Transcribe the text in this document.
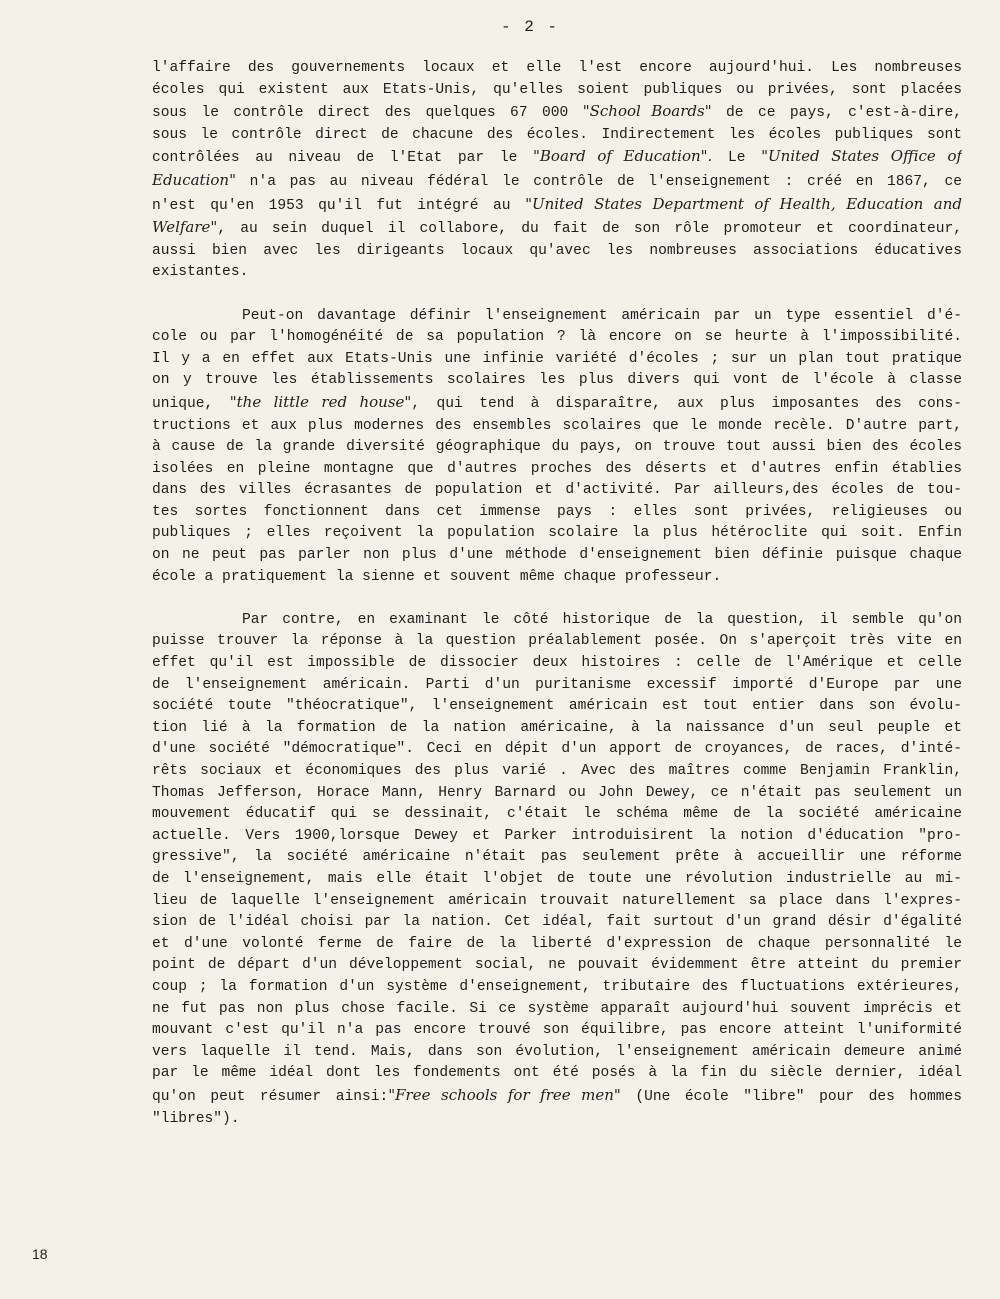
- 2 -
l'affaire des gouvernements locaux et elle l'est encore aujourd'hui. Les nombreuses
écoles qui existent aux Etats-Unis, qu'elles soient publiques ou privées, sont placées
sous le contrôle direct des quelques 67 000 "School Boards" de ce pays, c'est-à-dire,
sous le contrôle direct de chacune des écoles. Indirectement les écoles publiques sont
contrôlées au niveau de l'Etat par le "Board of Education". Le "United States Office of
Education" n'a pas au niveau fédéral le contrôle de l'enseignement : créé en 1867, ce
n'est qu'en 1953 qu'il fut intégré au "United States Department of Health, Education and
Welfare", au sein duquel il collabore, du fait de son rôle promoteur et coordinateur,
aussi bien avec les dirigeants locaux qu'avec les nombreuses associations éducatives
existantes.
Peut-on davantage définir l'enseignement américain par un type essentiel d'é-
cole ou par l'homogénéité de sa population ? là encore on se heurte à l'impossibilité.
Il y a en effet aux Etats-Unis une infinie variété d'écoles ; sur un plan tout pratique
on y trouve les établissements scolaires les plus divers qui vont de l'école à classe
unique, "the little red house", qui tend à disparaître, aux plus imposantes des cons-
tructions et aux plus modernes des ensembles scolaires que le monde recèle. D'autre part,
à cause de la grande diversité géographique du pays, on trouve tout aussi bien des écoles
isolées en pleine montagne que d'autres proches des déserts et d'autres enfin établies
dans des villes écrasantes de population et d'activité. Par ailleurs,des écoles de tou-
tes sortes fonctionnent dans cet immense pays : elles sont privées, religieuses ou
publiques ; elles reçoivent la population scolaire la plus hétéroclite qui soit. Enfin
on ne peut pas parler non plus d'une méthode d'enseignement bien définie puisque chaque
école a pratiquement la sienne et souvent même chaque professeur.
Par contre, en examinant le côté historique de la question, il semble qu'on
puisse trouver la réponse à la question préalablement posée. On s'aperçoit très vite en
effet qu'il est impossible de dissocier deux histoires : celle de l'Amérique et celle
de l'enseignement américain. Parti d'un puritanisme excessif importé d'Europe par une
société toute "théocratique", l'enseignement américain est tout entier dans son évolu-
tion lié à la formation de la nation américaine, à la naissance d'un seul peuple et
d'une société "démocratique". Ceci en dépit d'un apport de croyances, de races, d'inté-
rêts sociaux et économiques des plus varié . Avec des maîtres comme Benjamin Franklin,
Thomas Jefferson, Horace Mann, Henry Barnard ou John Dewey, ce n'était pas seulement un
mouvement éducatif qui se dessinait, c'était le schéma même de la société américaine
actuelle. Vers 1900,lorsque Dewey et Parker introduisirent la notion d'éducation "pro-
gressive", la société américaine n'était pas seulement prête à accueillir une réforme
de l'enseignement, mais elle était l'objet de toute une révolution industrielle au mi-
lieu de laquelle l'enseignement américain trouvait naturellement sa place dans l'expres-
sion de l'idéal choisi par la nation. Cet idéal, fait surtout d'un grand désir d'égalité
et d'une volonté ferme de faire de la liberté d'expression de chaque personnalité le
point de départ d'un développement social, ne pouvait évidemment être atteint du premier
coup ; la formation d'un système d'enseignement, tributaire des fluctuations extérieures,
ne fut pas non plus chose facile. Si ce système apparaît aujourd'hui souvent imprécis et
mouvant c'est qu'il n'a pas encore trouvé son équilibre, pas encore atteint l'uniformité
vers laquelle il tend. Mais, dans son évolution, l'enseignement américain demeure animé
par le même idéal dont les fondements ont été posés à la fin du siècle dernier, idéal
qu'on peut résumer ainsi:"Free schools for free men" (Une école "libre" pour des hommes
"libres").
18
